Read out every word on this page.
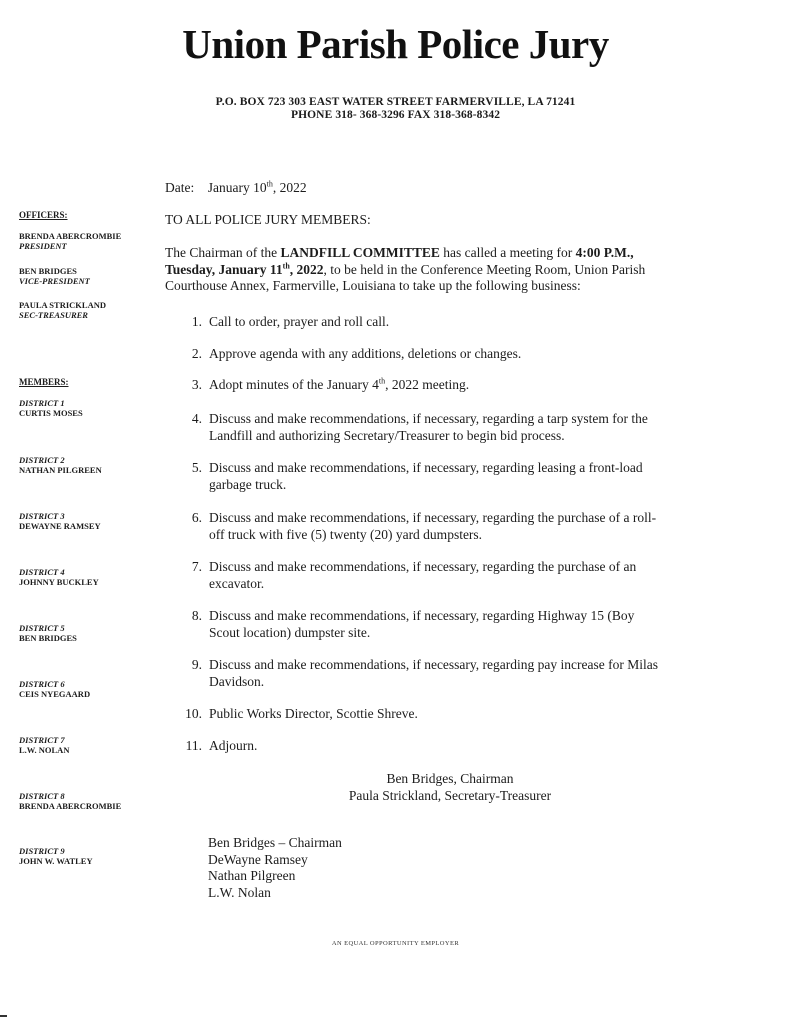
Union Parish Police Jury
P.O. BOX 723 303 EAST WATER STREET FARMERVILLE, LA 71241
PHONE 318- 368-3296 FAX 318-368-8342
OFFICERS:
BRENDA ABERCROMBIE
PRESIDENT
BEN BRIDGES
VICE-PRESIDENT
PAULA STRICKLAND
SEC-TREASURER
MEMBERS:
DISTRICT 1
CURTIS MOSES
DISTRICT 2
NATHAN PILGREEN
DISTRICT 3
DEWAYNE RAMSEY
DISTRICT 4
JOHNNY BUCKLEY
DISTRICT 5
BEN BRIDGES
DISTRICT 6
CEIS NYEGAARD
DISTRICT 7
L.W. NOLAN
DISTRICT 8
BRENDA ABERCROMBIE
DISTRICT 9
JOHN W. WATLEY
Date: January 10th, 2022
TO ALL POLICE JURY MEMBERS:
The Chairman of the LANDFILL COMMITTEE has called a meeting for 4:00 P.M., Tuesday, January 11th, 2022, to be held in the Conference Meeting Room, Union Parish Courthouse Annex, Farmerville, Louisiana to take up the following business:
1. Call to order, prayer and roll call.
2. Approve agenda with any additions, deletions or changes.
3. Adopt minutes of the January 4th, 2022 meeting.
4. Discuss and make recommendations, if necessary, regarding a tarp system for the Landfill and authorizing Secretary/Treasurer to begin bid process.
5. Discuss and make recommendations, if necessary, regarding leasing a front-load garbage truck.
6. Discuss and make recommendations, if necessary, regarding the purchase of a roll-off truck with five (5) twenty (20) yard dumpsters.
7. Discuss and make recommendations, if necessary, regarding the purchase of an excavator.
8. Discuss and make recommendations, if necessary, regarding Highway 15 (Boy Scout location) dumpster site.
9. Discuss and make recommendations, if necessary, regarding pay increase for Milas Davidson.
10. Public Works Director, Scottie Shreve.
11. Adjourn.
Ben Bridges, Chairman
Paula Strickland, Secretary-Treasurer
Ben Bridges – Chairman
DeWayne Ramsey
Nathan Pilgreen
L.W. Nolan
AN EQUAL OPPORTUNITY EMPLOYER
